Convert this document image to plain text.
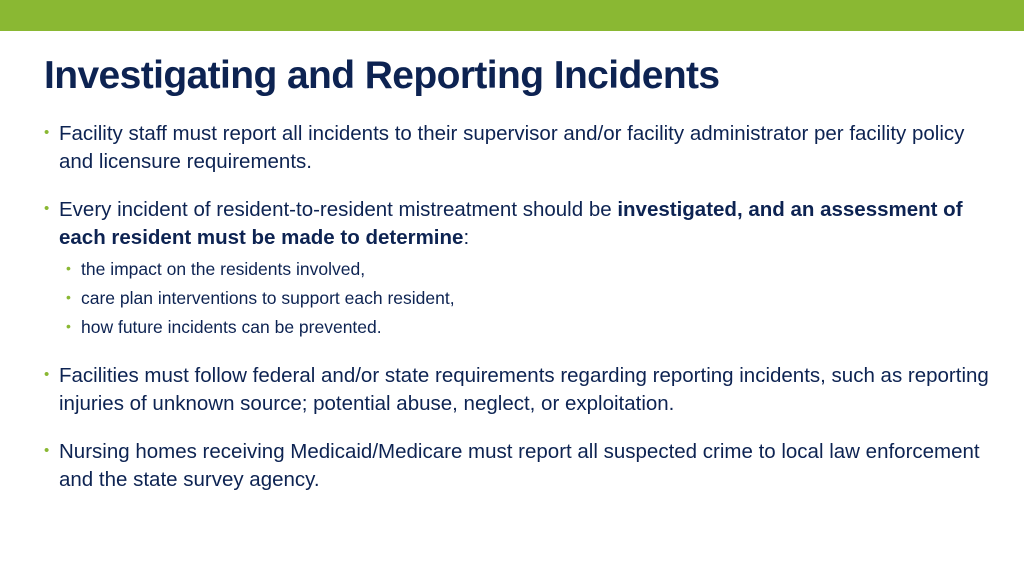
Investigating and Reporting Incidents
• Facility staff must report all incidents to their supervisor and/or facility administrator per facility policy and licensure requirements.
• Every incident of resident-to-resident mistreatment should be investigated, and an assessment of each resident must be made to determine:
• the impact on the residents involved,
• care plan interventions to support each resident,
• how future incidents can be prevented.
• Facilities must follow federal and/or state requirements regarding reporting incidents, such as reporting injuries of unknown source; potential abuse, neglect, or exploitation.
• Nursing homes receiving Medicaid/Medicare must report all suspected crime to local law enforcement and the state survey agency.
